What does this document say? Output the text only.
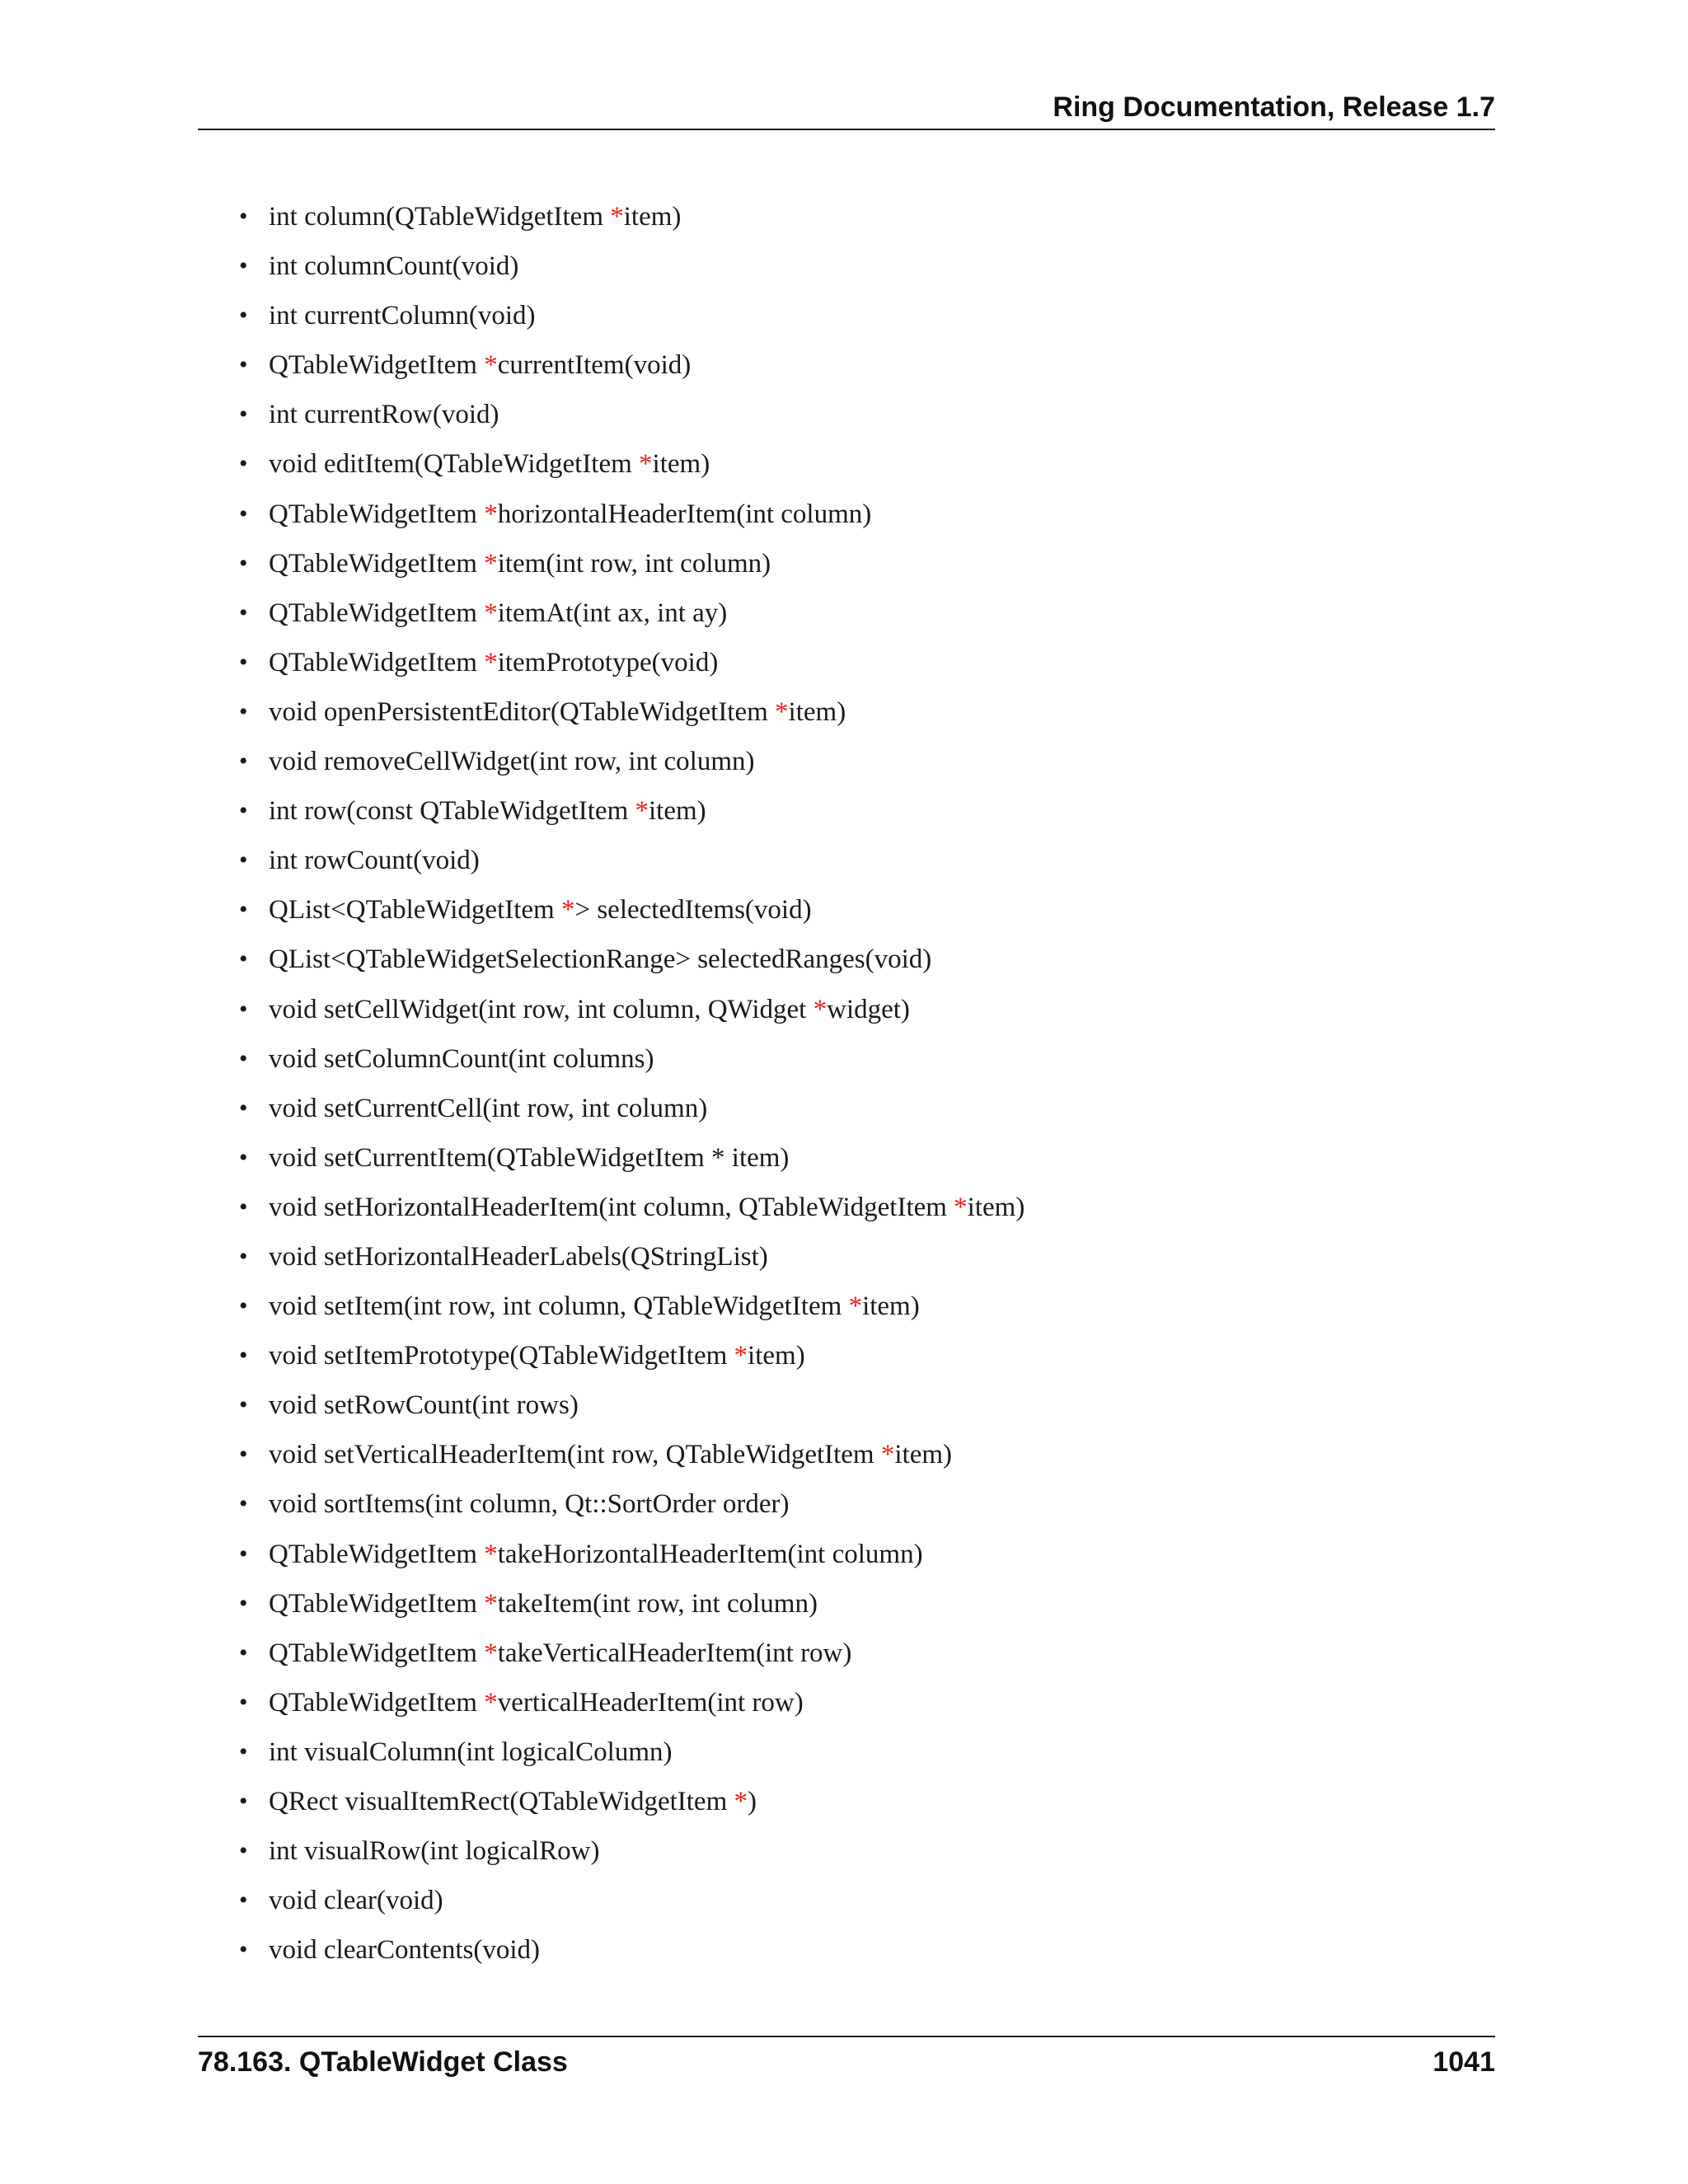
Ring Documentation, Release 1.7
• int column(QTableWidgetItem *item)
• int columnCount(void)
• int currentColumn(void)
• QTableWidgetItem *currentItem(void)
• int currentRow(void)
• void editItem(QTableWidgetItem *item)
• QTableWidgetItem *horizontalHeaderItem(int column)
• QTableWidgetItem *item(int row, int column)
• QTableWidgetItem *itemAt(int ax, int ay)
• QTableWidgetItem *itemPrototype(void)
• void openPersistentEditor(QTableWidgetItem *item)
• void removeCellWidget(int row, int column)
• int row(const QTableWidgetItem *item)
• int rowCount(void)
• QList<QTableWidgetItem *> selectedItems(void)
• QList<QTableWidgetSelectionRange> selectedRanges(void)
• void setCellWidget(int row, int column, QWidget *widget)
• void setColumnCount(int columns)
• void setCurrentCell(int row, int column)
• void setCurrentItem(QTableWidgetItem * item)
• void setHorizontalHeaderItem(int column, QTableWidgetItem *item)
• void setHorizontalHeaderLabels(QStringList)
• void setItem(int row, int column, QTableWidgetItem *item)
• void setItemPrototype(QTableWidgetItem *item)
• void setRowCount(int rows)
• void setVerticalHeaderItem(int row, QTableWidgetItem *item)
• void sortItems(int column, Qt::SortOrder order)
• QTableWidgetItem *takeHorizontalHeaderItem(int column)
• QTableWidgetItem *takeItem(int row, int column)
• QTableWidgetItem *takeVerticalHeaderItem(int row)
• QTableWidgetItem *verticalHeaderItem(int row)
• int visualColumn(int logicalColumn)
• QRect visualItemRect(QTableWidgetItem *)
• int visualRow(int logicalRow)
• void clear(void)
• void clearContents(void)
78.163. QTableWidget Class	1041
